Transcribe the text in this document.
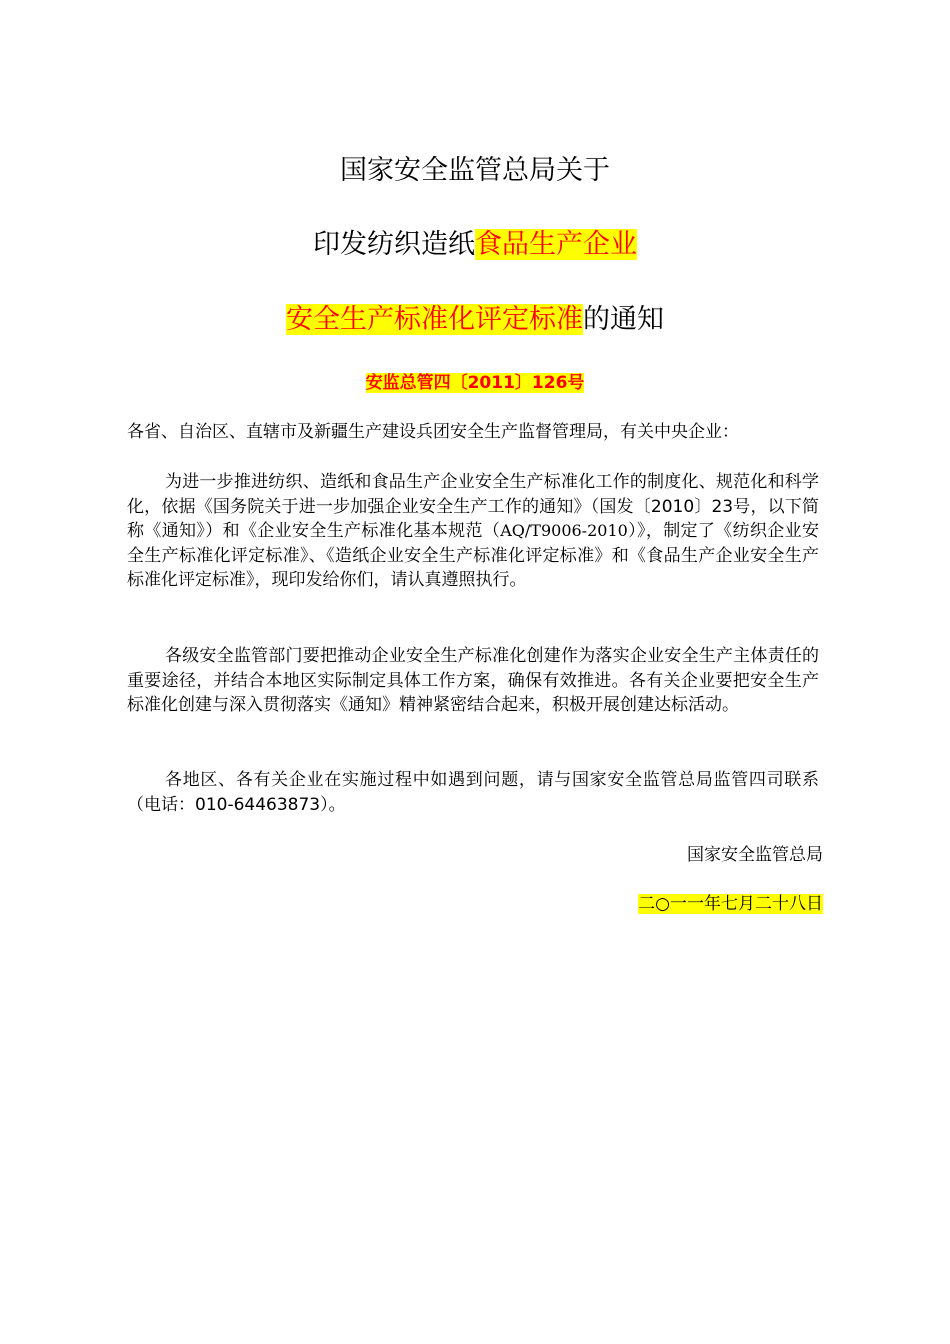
国家安全监管总局关于
印发纺织造纸食品生产企业
安全生产标准化评定标准的通知
安监总管四〔2011〕126号
各省、自治区、直辖市及新疆生产建设兵团安全生产监督管理局，有关中央企业：
为进一步推进纺织、造纸和食品生产企业安全生产标准化工作的制度化、规范化和科学化，依据《国务院关于进一步加强企业安全生产工作的通知》（国发〔2010〕23号，以下简称《通知》）和《企业安全生产标准化基本规范（AQ/T9006-2010）》，制定了《纺织企业安全生产标准化评定标准》、《造纸企业安全生产标准化评定标准》和《食品生产企业安全生产标准化评定标准》，现印发给你们，请认真遵照执行。
各级安全监管部门要把推动企业安全生产标准化创建作为落实企业安全生产主体责任的重要途径，并结合本地区实际制定具体工作方案，确保有效推进。各有关企业要把安全生产标准化创建与深入贯彻落实《通知》精神紧密结合起来，积极开展创建达标活动。
各地区、各有关企业在实施过程中如遇到问题，请与国家安全监管总局监管四司联系（电话：010-64463873）。
国家安全监管总局
二○一一年七月二十八日
